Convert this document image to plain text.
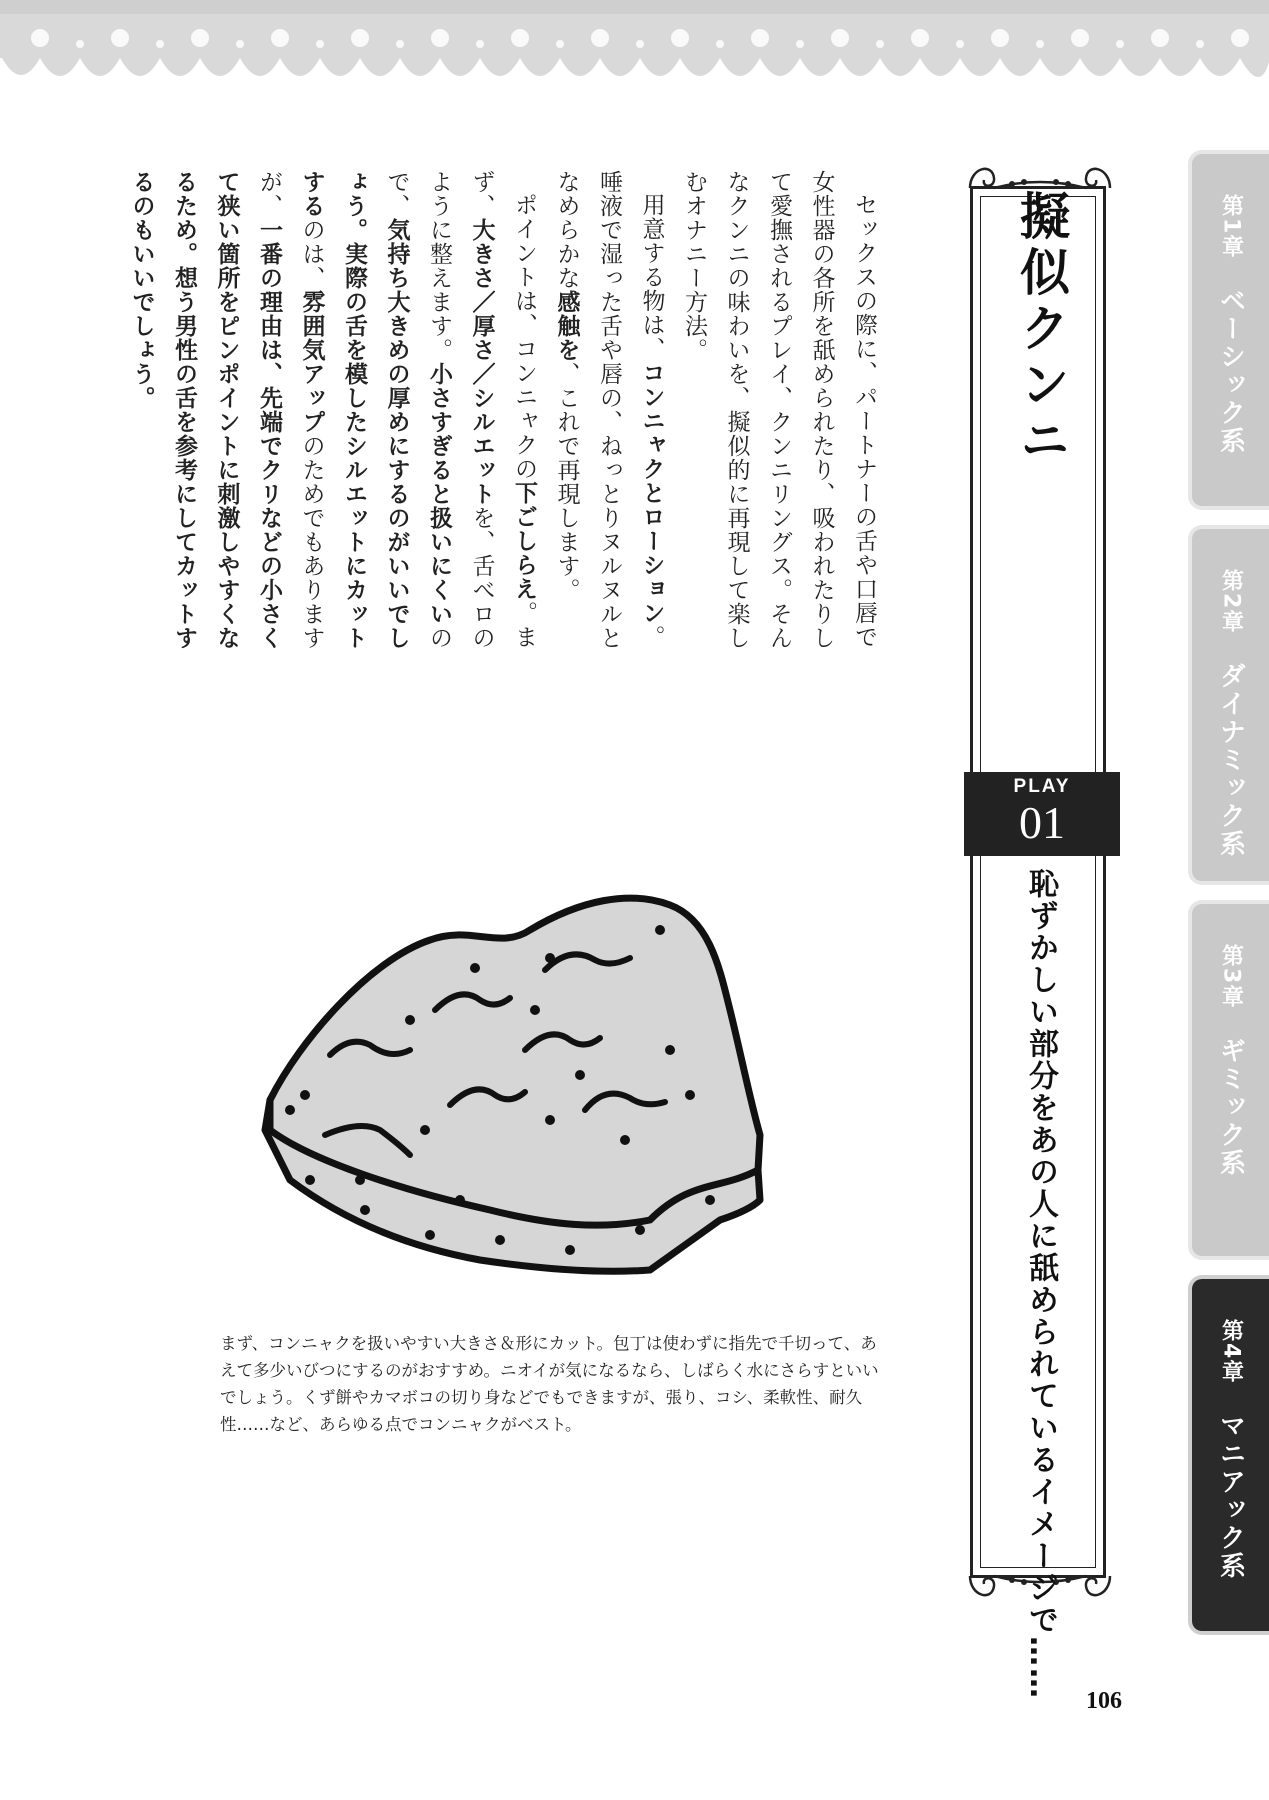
セックスの際に、パートナーの舌や口唇で女性器の各所を舐められたり、吸われたりして愛撫されるプレイ、クンニリングス。そんなクンニの味わいを、擬似的に再現して楽しむオナニー方法。

用意する物は、コンニャクとローション。唾液で湿った舌や唇の、ねっとりヌルヌルとなめらかな感触を、これで再現します。

ポイントは、コンニャクの下ごしらえ。まず、大きさ／厚さ／シルエットを、舌べロのように整えます。小さすぎると扱いにくいので、気持ち大きめの厚めにするのがいいでしょう。実際の舌を模したシルエットにカットするのは、雰囲気アップのためでもありますが、一番の理由は、先端でクリなどの小さくて狭い箇所をピンポイントに刺激しやすくなるため。想う男性の舌を参考にしてカットするのもいいでしょう。	擬似クンニ
PLAY
01
恥ずかしい部分をあの人に舐められているイメージで……
第1章　ベーシック系
第2章　ダイナミック系
第3章　ギミック系
第4章　マニアック系

まず、コンニャクを扱いやすい大きさ＆形にカット。包丁は使わずに指先で千切って、あえて多少いびつにするのがおすすめ。ニオイが気になるなら、しばらく水にさらすといいでしょう。くず餅やカマボコの切り身などでもできますが、張り、コシ、柔軟性、耐久性……など、あらゆる点でコンニャクがベスト。

106
